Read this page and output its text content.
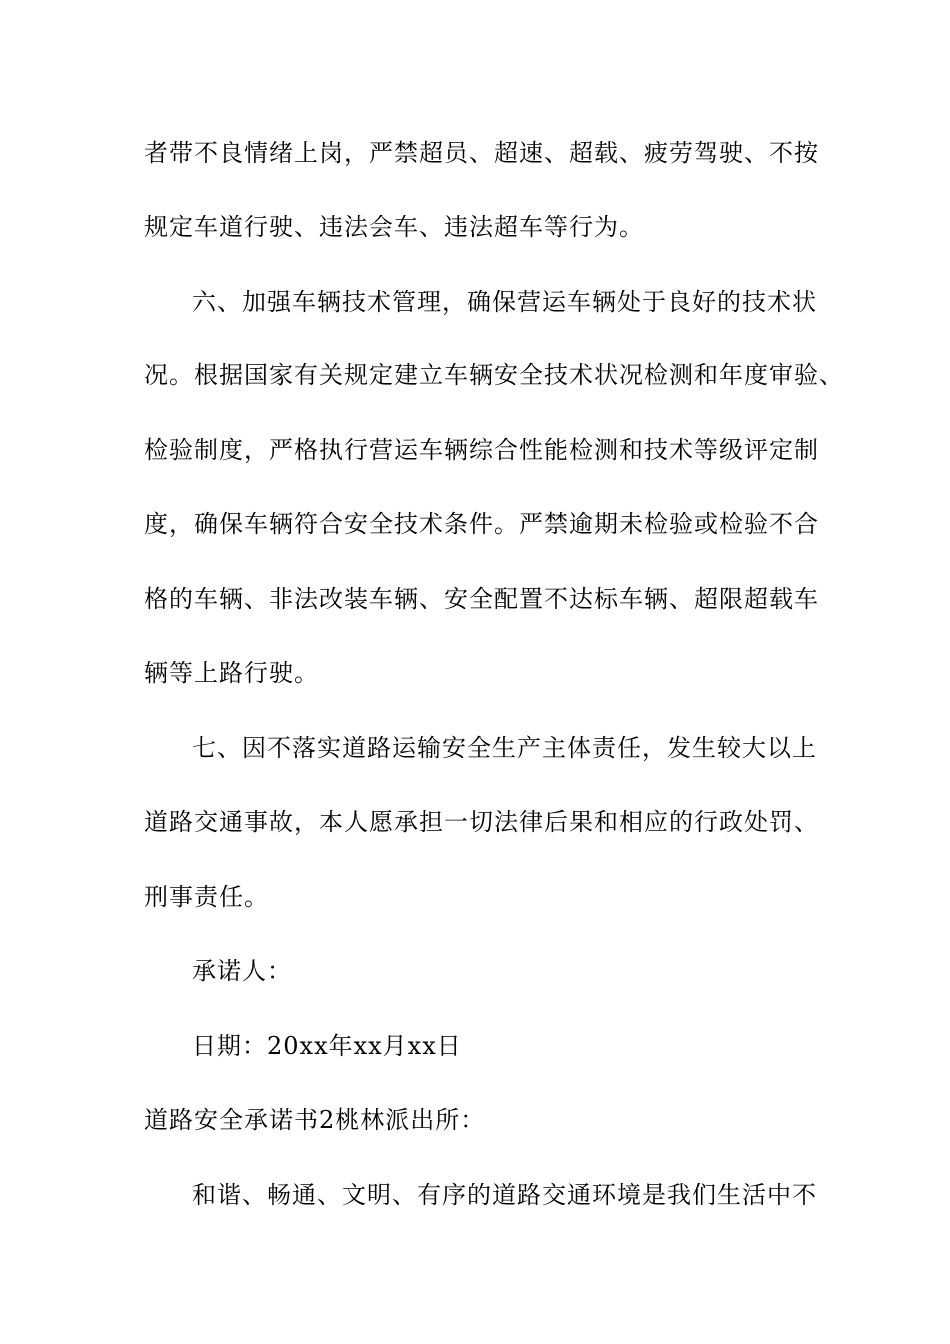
者带不良情绪上岗，严禁超员、超速、超载、疲劳驾驶、不按
规定车道行驶、违法会车、违法超车等行为。
六、加强车辆技术管理，确保营运车辆处于良好的技术状
况。根据国家有关规定建立车辆安全技术状况检测和年度审验、
检验制度，严格执行营运车辆综合性能检测和技术等级评定制
度，确保车辆符合安全技术条件。严禁逾期未检验或检验不合
格的车辆、非法改装车辆、安全配置不达标车辆、超限超载车
辆等上路行驶。
七、因不落实道路运输安全生产主体责任，发生较大以上
道路交通事故，本人愿承担一切法律后果和相应的行政处罚、
刑事责任。
承诺人：
日期：20xx年xx月xx日
道路安全承诺书2桃林派出所：
和谐、畅通、文明、有序的道路交通环境是我们生活中不
